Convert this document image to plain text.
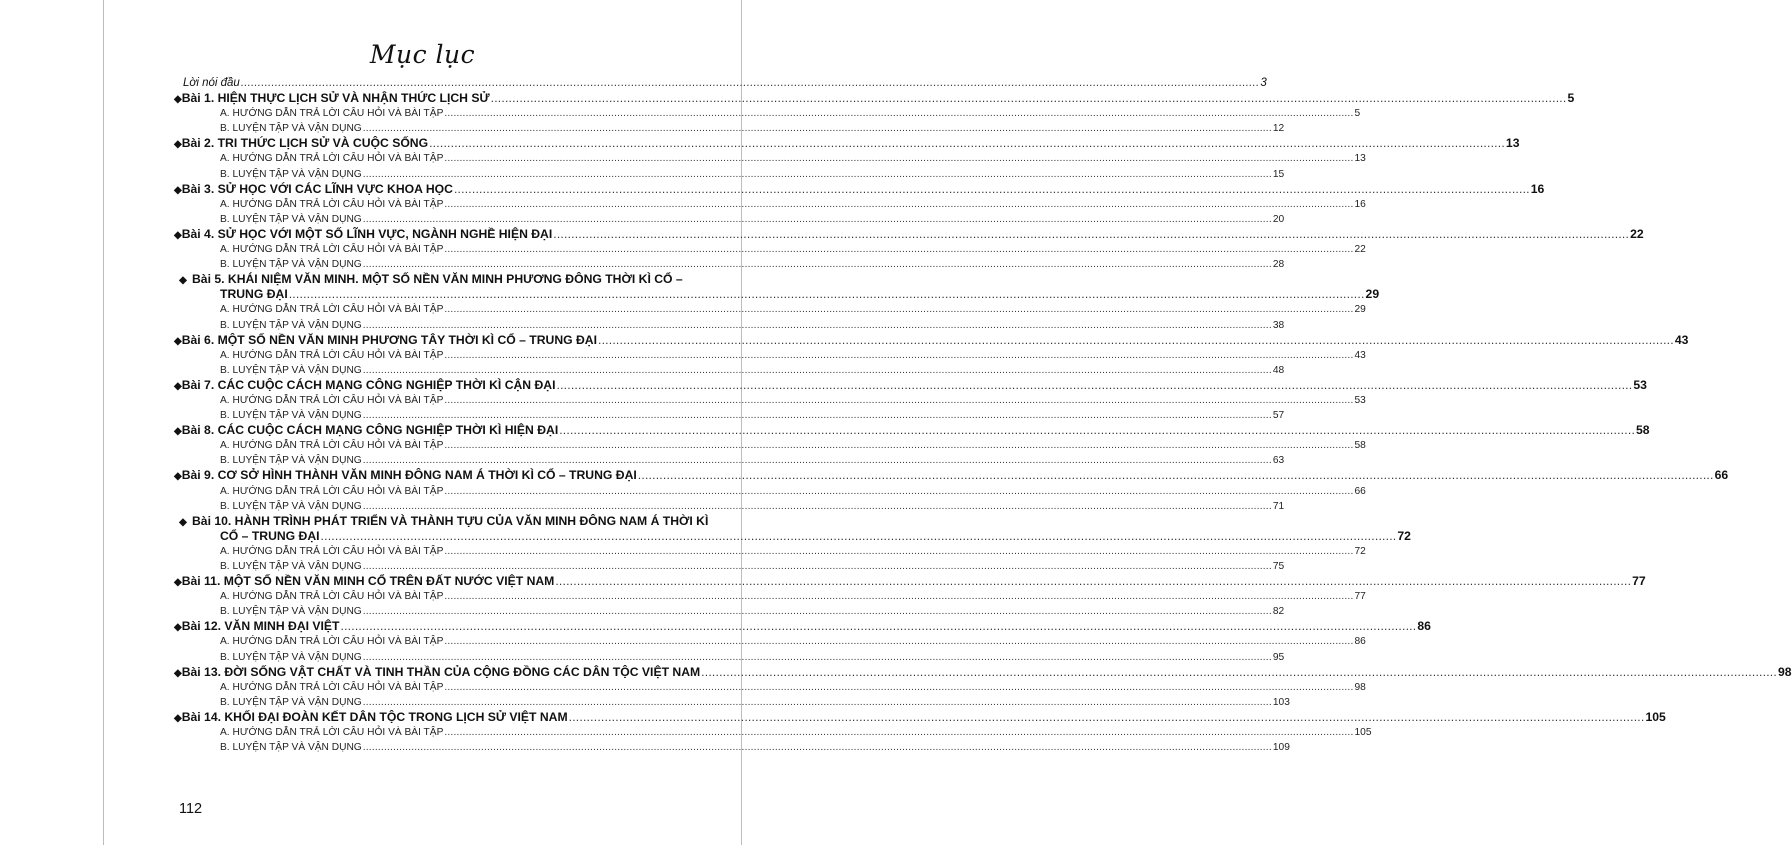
Mục lục
Lời nói đầu ............................................................................................................................................................................................................................................................................................................ 3
◆ Bài 1. HIỆN THỰC LỊCH SỬ VÀ NHẬN THỨC LỊCH SỬ ............................................................................................................................................................................................................................................................................................................ 5
A. HƯỚNG DẪN TRẢ LỜI CÂU HỎI VÀ BÀI TẬP ............................................................................................................................................................................................................................................................................................................ 5
B. LUYỆN TẬP VÀ VẬN DỤNG ............................................................................................................................................................................................................................................................................................................ 12
◆ Bài 2. TRI THỨC LỊCH SỬ VÀ CUỘC SỐNG ............................................................................................................................................................................................................................................................................................................ 13
A. HƯỚNG DẪN TRẢ LỜI CÂU HỎI VÀ BÀI TẬP ............................................................................................................................................................................................................................................................................................................ 13
B. LUYỆN TẬP VÀ VẬN DỤNG ............................................................................................................................................................................................................................................................................................................ 15
◆ Bài 3. SỬ HỌC VỚI CÁC LĨNH VỰC KHOA HỌC ............................................................................................................................................................................................................................................................................................................ 16
A. HƯỚNG DẪN TRẢ LỜI CÂU HỎI VÀ BÀI TẬP ............................................................................................................................................................................................................................................................................................................ 16
B. LUYỆN TẬP VÀ VẬN DỤNG ............................................................................................................................................................................................................................................................................................................ 20
◆ Bài 4. SỬ HỌC VỚI MỘT SỐ LĨNH VỰC, NGÀNH NGHỀ HIỆN ĐẠI ............................................................................................................................................................................................................................................................................................................ 22
A. HƯỚNG DẪN TRẢ LỜI CÂU HỎI VÀ BÀI TẬP ............................................................................................................................................................................................................................................................................................................ 22
B. LUYỆN TẬP VÀ VẬN DỤNG ............................................................................................................................................................................................................................................................................................................ 28
◆ Bài 5. KHÁI NIỆM VĂN MINH. MỘT SỐ NỀN VĂN MINH PHƯƠNG ĐÔNG THỜI KÌ CỔ –
TRUNG ĐẠI ............................................................................................................................................................................................................................................................................................................ 29
A. HƯỚNG DẪN TRẢ LỜI CÂU HỎI VÀ BÀI TẬP ............................................................................................................................................................................................................................................................................................................ 29
B. LUYỆN TẬP VÀ VẬN DỤNG ............................................................................................................................................................................................................................................................................................................ 38
◆ Bài 6. MỘT SỐ NỀN VĂN MINH PHƯƠNG TÂY THỜI KÌ CỔ – TRUNG ĐẠI ............................................................................................................................................................................................................................................................................................................ 43
A. HƯỚNG DẪN TRẢ LỜI CÂU HỎI VÀ BÀI TẬP ............................................................................................................................................................................................................................................................................................................ 43
B. LUYỆN TẬP VÀ VẬN DỤNG ............................................................................................................................................................................................................................................................................................................ 48
◆ Bài 7. CÁC CUỘC CÁCH MẠNG CÔNG NGHIỆP THỜI KÌ CẬN ĐẠI ............................................................................................................................................................................................................................................................................................................ 53
A. HƯỚNG DẪN TRẢ LỜI CÂU HỎI VÀ BÀI TẬP ............................................................................................................................................................................................................................................................................................................ 53
B. LUYỆN TẬP VÀ VẬN DỤNG ............................................................................................................................................................................................................................................................................................................ 57
◆ Bài 8. CÁC CUỘC CÁCH MẠNG CÔNG NGHIỆP THỜI KÌ HIỆN ĐẠI ............................................................................................................................................................................................................................................................................................................ 58
A. HƯỚNG DẪN TRẢ LỜI CÂU HỎI VÀ BÀI TẬP ............................................................................................................................................................................................................................................................................................................ 58
B. LUYỆN TẬP VÀ VẬN DỤNG ............................................................................................................................................................................................................................................................................................................ 63
◆ Bài 9. CƠ SỞ HÌNH THÀNH VĂN MINH ĐÔNG NAM Á THỜI KÌ CỔ – TRUNG ĐẠI ............................................................................................................................................................................................................................................................................................................ 66
A. HƯỚNG DẪN TRẢ LỜI CÂU HỎI VÀ BÀI TẬP ............................................................................................................................................................................................................................................................................................................ 66
B. LUYỆN TẬP VÀ VẬN DỤNG ............................................................................................................................................................................................................................................................................................................ 71
◆ Bài 10. HÀNH TRÌNH PHÁT TRIỂN VÀ THÀNH TỰU CỦA VĂN MINH ĐÔNG NAM Á THỜI KÌ
CỔ – TRUNG ĐẠI ............................................................................................................................................................................................................................................................................................................ 72
A. HƯỚNG DẪN TRẢ LỜI CÂU HỎI VÀ BÀI TẬP ............................................................................................................................................................................................................................................................................................................ 72
B. LUYỆN TẬP VÀ VẬN DỤNG ............................................................................................................................................................................................................................................................................................................ 75
◆ Bài 11. MỘT SỐ NỀN VĂN MINH CỔ TRÊN ĐẤT NƯỚC VIỆT NAM ............................................................................................................................................................................................................................................................................................................ 77
A. HƯỚNG DẪN TRẢ LỜI CÂU HỎI VÀ BÀI TẬP ............................................................................................................................................................................................................................................................................................................ 77
B. LUYỆN TẬP VÀ VẬN DỤNG ............................................................................................................................................................................................................................................................................................................ 82
◆ Bài 12. VĂN MINH ĐẠI VIỆT ............................................................................................................................................................................................................................................................................................................ 86
A. HƯỚNG DẪN TRẢ LỜI CÂU HỎI VÀ BÀI TẬP ............................................................................................................................................................................................................................................................................................................ 86
B. LUYỆN TẬP VÀ VẬN DỤNG ............................................................................................................................................................................................................................................................................................................ 95
◆ Bài 13. ĐỜI SỐNG VẬT CHẤT VÀ TINH THẦN CỦA CỘNG ĐỒNG CÁC DÂN TỘC VIỆT NAM ............................................................................................................................................................................................................................................................................................................ 98
A. HƯỚNG DẪN TRẢ LỜI CÂU HỎI VÀ BÀI TẬP ............................................................................................................................................................................................................................................................................................................ 98
B. LUYỆN TẬP VÀ VẬN DỤNG ............................................................................................................................................................................................................................................................................................................ 103
◆ Bài 14. KHỐI ĐẠI ĐOÀN KẾT DÂN TỘC TRONG LỊCH SỬ VIỆT NAM ............................................................................................................................................................................................................................................................................................................ 105
A. HƯỚNG DẪN TRẢ LỜI CÂU HỎI VÀ BÀI TẬP ............................................................................................................................................................................................................................................................................................................ 105
B. LUYỆN TẬP VÀ VẬN DỤNG ............................................................................................................................................................................................................................................................................................................ 109
112
